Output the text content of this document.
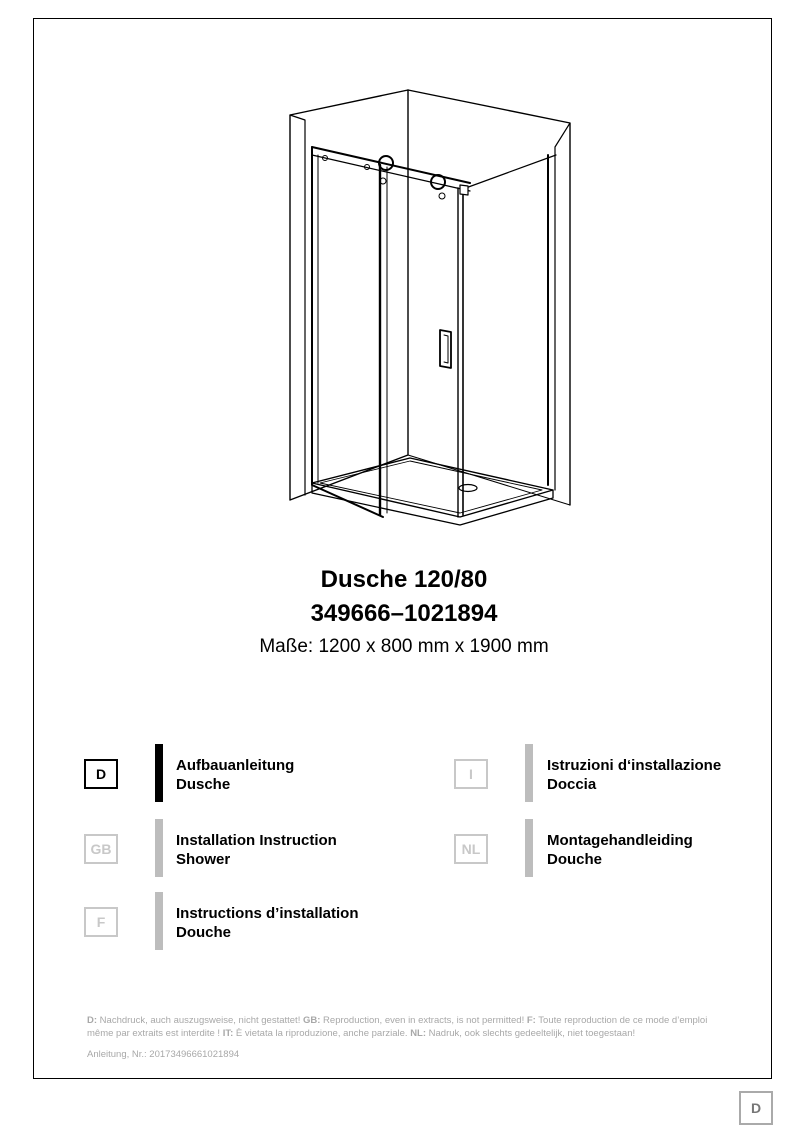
Dusche 120/80
349666–1021894
Maße: 1200 x 800 mm x 1900 mm
D	Aufbauanleitung
Dusche
GB	Installation Instruction
Shower
F	Instructions d’installation
Douche
I	Istruzioni d‘installazione
Doccia
NL	Montagehandleiding
Douche
D: Nachdruck, auch auszugsweise, nicht gestattet! GB: Reproduction, even in extracts, is not permitted! F: Toute reproduction de ce mode d’emploi même par extraits est interdite ! IT: È vietata la riproduzione, anche parziale. NL: Nadruk, ook slechts gedeeltelijk, niet toegestaan!
Anleitung, Nr.: 20173496661021894
D
